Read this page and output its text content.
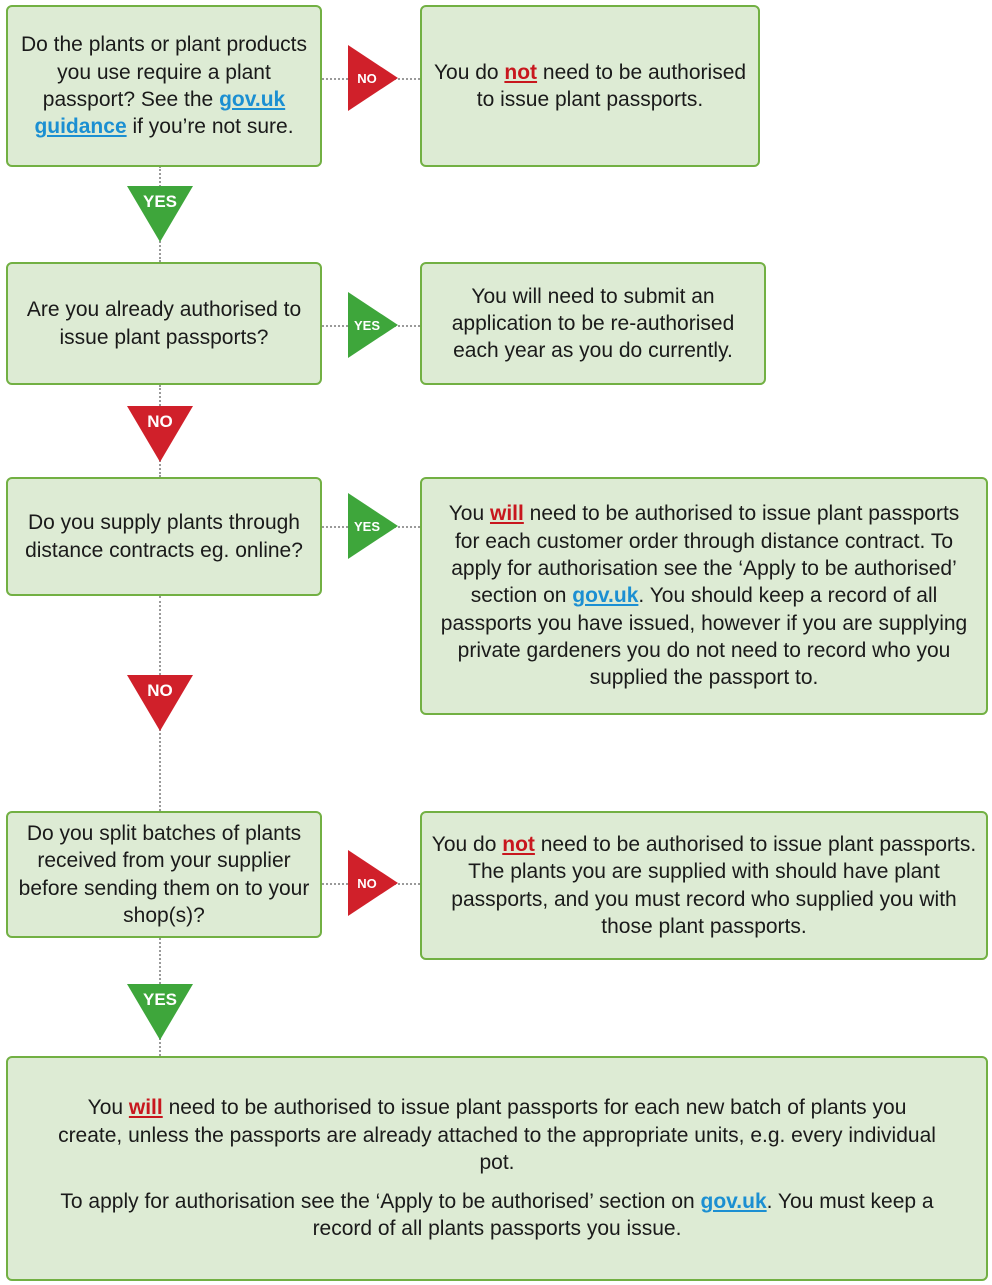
Do the plants or plant products you use require a plant passport? See the gov.uk guidance if you’re not sure.

You do not need to be authorised to issue plant passports.

Are you already authorised to issue plant passports?

You will need to submit an application to be re-authorised each year as you do currently.

Do you supply plants through distance contracts eg. online?

You will need to be authorised to issue plant passports for each customer order through distance contract. To apply for authorisation see the ‘Apply to be authorised’ section on gov.uk. You should keep a record of all passports you have issued, however if you are supplying private gardeners you do not need to record who you supplied the passport to.

Do you split batches of plants received from your supplier before sending them on to your shop(s)?

You do not need to be authorised to issue plant passports. The plants you are supplied with should have plant passports, and you must record who supplied you with those plant passports.

You will need to be authorised to issue plant passports for each new batch of plants you create, unless the passports are already attached to the appropriate units, e.g. every individual pot.

To apply for authorisation see the ‘Apply to be authorised’ section on gov.uk. You must keep a record of all plants passports you issue.

YES
NO
NO
YES
NO
YES
YES
NO
